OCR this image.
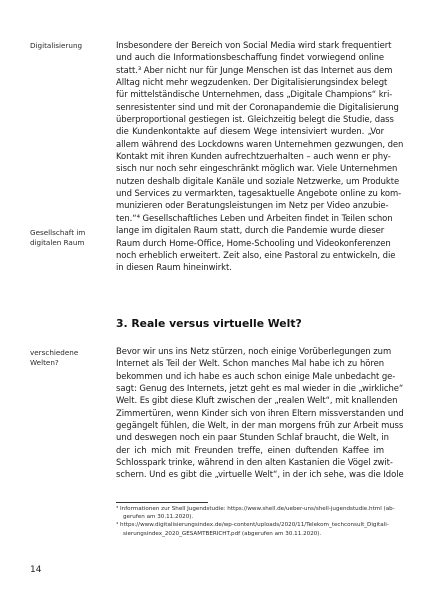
Digitalisierung
Gesellschaft im
digitalen Raum
verschiedene
Welten?
Insbesondere der Bereich von Social Media wird stark frequentiert
und auch die Informationsbeschaffung findet vorwiegend online
statt.³ Aber nicht nur für Junge Menschen ist das Internet aus dem
Alltag nicht mehr wegzudenken. Der Digitalisierungsindex belegt
für mittelständische Unternehmen, dass „Digitale Champions“ kri-
senresistenter sind und mit der Coronapandemie die Digitalisierung
überproportional gestiegen ist. Gleichzeitig belegt die Studie, dass
die Kundenkontakte auf diesem Wege intensiviert wurden. „Vor
allem während des Lockdowns waren Unternehmen gezwungen, den
Kontakt mit ihren Kunden aufrechtzuerhalten – auch wenn er phy-
sisch nur noch sehr eingeschränkt möglich war. Viele Unternehmen
nutzen deshalb digitale Kanäle und soziale Netzwerke, um Produkte
und Services zu vermarkten, tagesaktuelle Angebote online zu kom-
munizieren oder Beratungsleistungen im Netz per Video anzubie-
ten.“⁴ Gesellschaftliches Leben und Arbeiten findet in Teilen schon
lange im digitalen Raum statt, durch die Pandemie wurde dieser
Raum durch Home-Office, Home-Schooling und Videokonferenzen
noch erheblich erweitert. Zeit also, eine Pastoral zu entwickeln, die
in diesen Raum hineinwirkt.
3. Reale versus virtuelle Welt?
Bevor wir uns ins Netz stürzen, noch einige Vorüberlegungen zum
Internet als Teil der Welt. Schon manches Mal habe ich zu hören
bekommen und ich habe es auch schon einige Male unbedacht ge-
sagt: Genug des Internets, jetzt geht es mal wieder in die „wirkliche“
Welt. Es gibt diese Kluft zwischen der „realen Welt“, mit knallenden
Zimmertüren, wenn Kinder sich von ihren Eltern missverstanden und
gegängelt fühlen, die Welt, in der man morgens früh zur Arbeit muss
und deswegen noch ein paar Stunden Schlaf braucht, die Welt, in
der ich mich mit Freunden treffe, einen duftenden Kaffee im
Schlosspark trinke, während in den alten Kastanien die Vögel zwit-
schern. Und es gibt die „virtuelle Welt“, in der ich sehe, was die Idole
³ Informationen zur Shell Jugendstudie: https://www.shell.de/ueber-uns/shell-jugendstudie.html (ab-
gerufen am 30.11.2020).
⁴ https://www.digitalisierungsindex.de/wp-content/uploads/2020/11/Telekom_techconsult_Digitali-
sierungsindex_2020_GESAMTBERICHT.pdf (abgerufen am 30.11.2020).
14
